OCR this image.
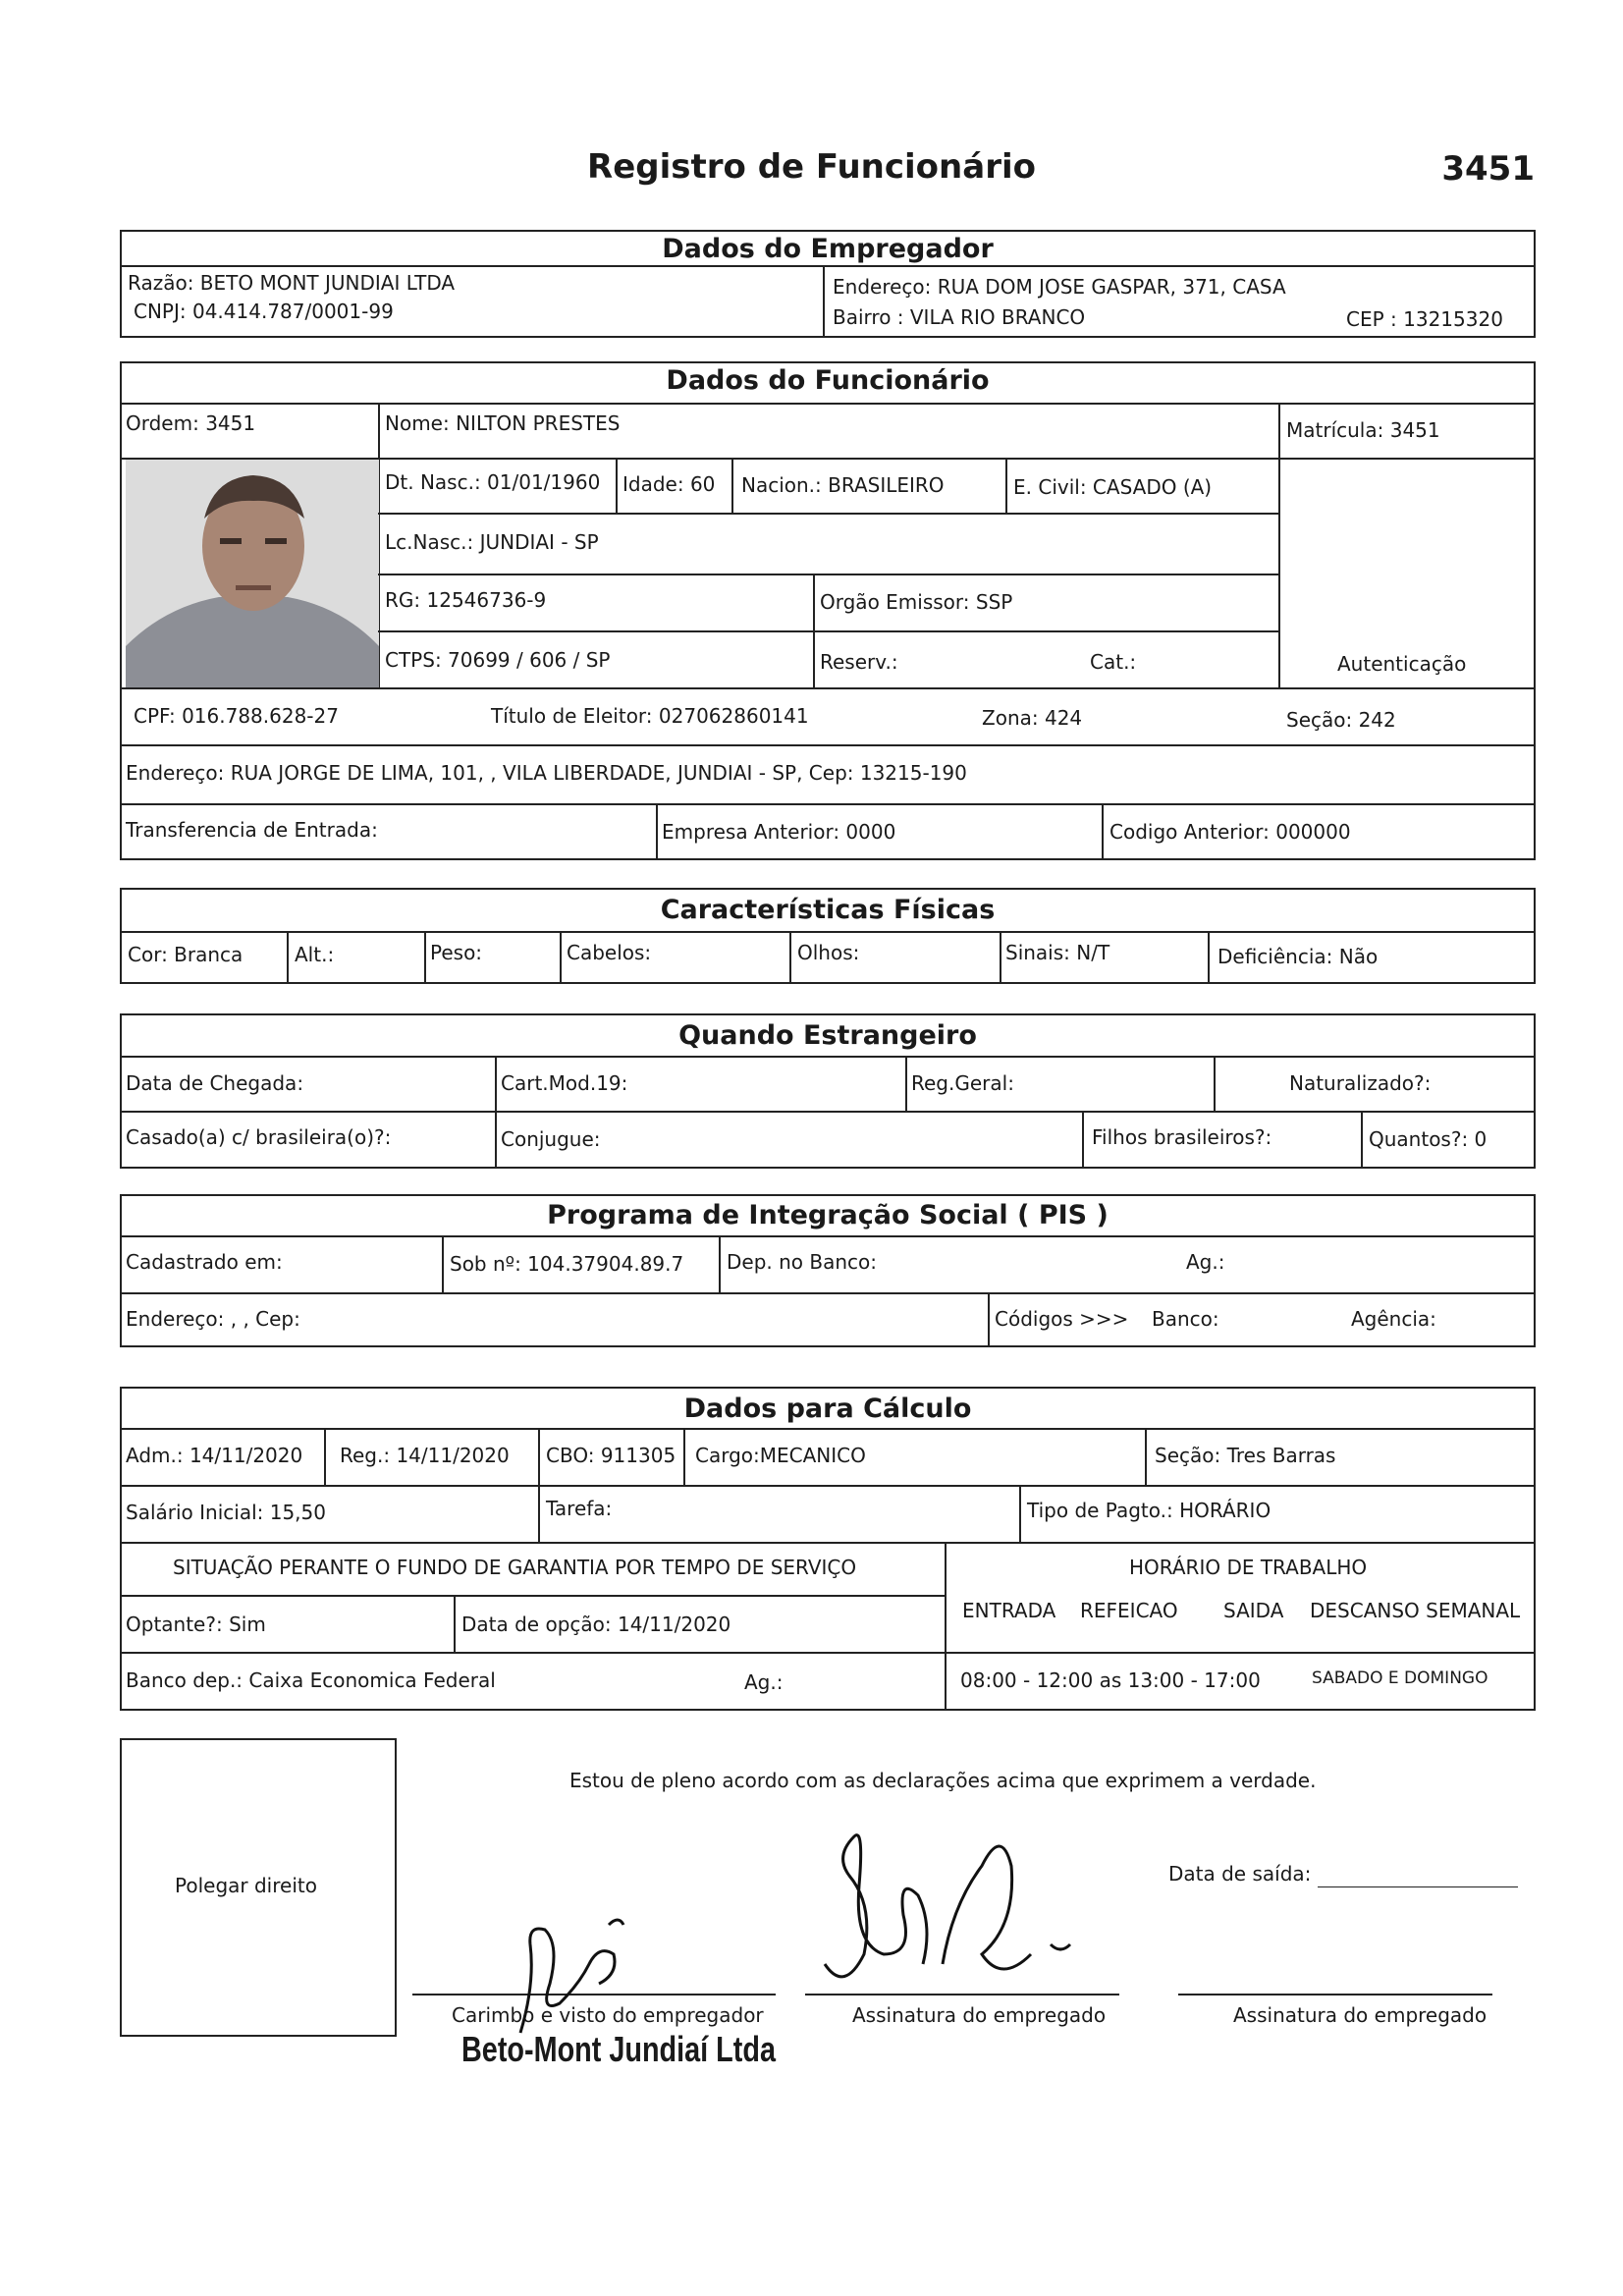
Registro de Funcionário	3451
Dados do Empregador
Razão: BETO MONT JUNDIAI LTDA
CNPJ: 04.414.787/0001-99
Endereço: RUA DOM JOSE GASPAR, 371, CASA
Bairro : VILA RIO BRANCO	CEP : 13215320
Dados do Funcionário
Ordem: 3451	Nome: NILTON PRESTES	Matrícula: 3451
Dt. Nasc.: 01/01/1960 Idade: 60 Nacion.: BRASILEIRO	E. Civil: CASADO (A)
Lc.Nasc.: JUNDIAI - SP
RG: 12546736-9	Orgão Emissor: SSP
CTPS: 70699 / 606 / SP	Reserv.:	Cat.:	Autenticação
CPF: 016.788.628-27	Título de Eleitor: 027062860141	Zona: 424	Seção: 242
Endereço: RUA JORGE DE LIMA, 101, , VILA LIBERDADE, JUNDIAI - SP, Cep: 13215-190
Transferencia de Entrada:	Empresa Anterior: 0000	Codigo Anterior: 000000
Características Físicas
Cor: Branca	Alt.:	Peso:	Cabelos:	Olhos:	Sinais: N/T	Deficiência: Não
Quando Estrangeiro
Data de Chegada:	Cart.Mod.19:	Reg.Geral:	Naturalizado?:
Casado(a) c/ brasileira(o)?:	Conjugue:	Filhos brasileiros?:	Quantos?: 0
Programa de Integração Social ( PIS )
Cadastrado em:	Sob nº: 104.37904.89.7 Dep. no Banco:	Ag.:
Endereço: , , Cep:	Códigos >>> Banco:	Agência:
Dados para Cálculo
Adm.: 14/11/2020 Reg.: 14/11/2020 CBO: 911305 Cargo:MECANICO	Seção: Tres Barras
Salário Inicial: 15,50	Tarefa:	Tipo de Pagto.: HORÁRIO
SITUAÇÃO PERANTE O FUNDO DE GARANTIA POR TEMPO DE SERVIÇO	HORÁRIO DE TRABALHO
Optante?: Sim	Data de opção: 14/11/2020
ENTRADA REFEICAO SAIDA DESCANSO SEMANAL
Banco dep.: Caixa Economica Federal	Ag.:	08:00 - 12:00 as 13:00 - 17:00	SABADO E DOMINGO
Polegar direito
Estou de pleno acordo com as declarações acima que exprimem a verdade.
Data de saída:
Carimbo e visto do empregador	Assinatura do empregado	Assinatura do empregado
Beto-Mont Jundiaí Ltda
